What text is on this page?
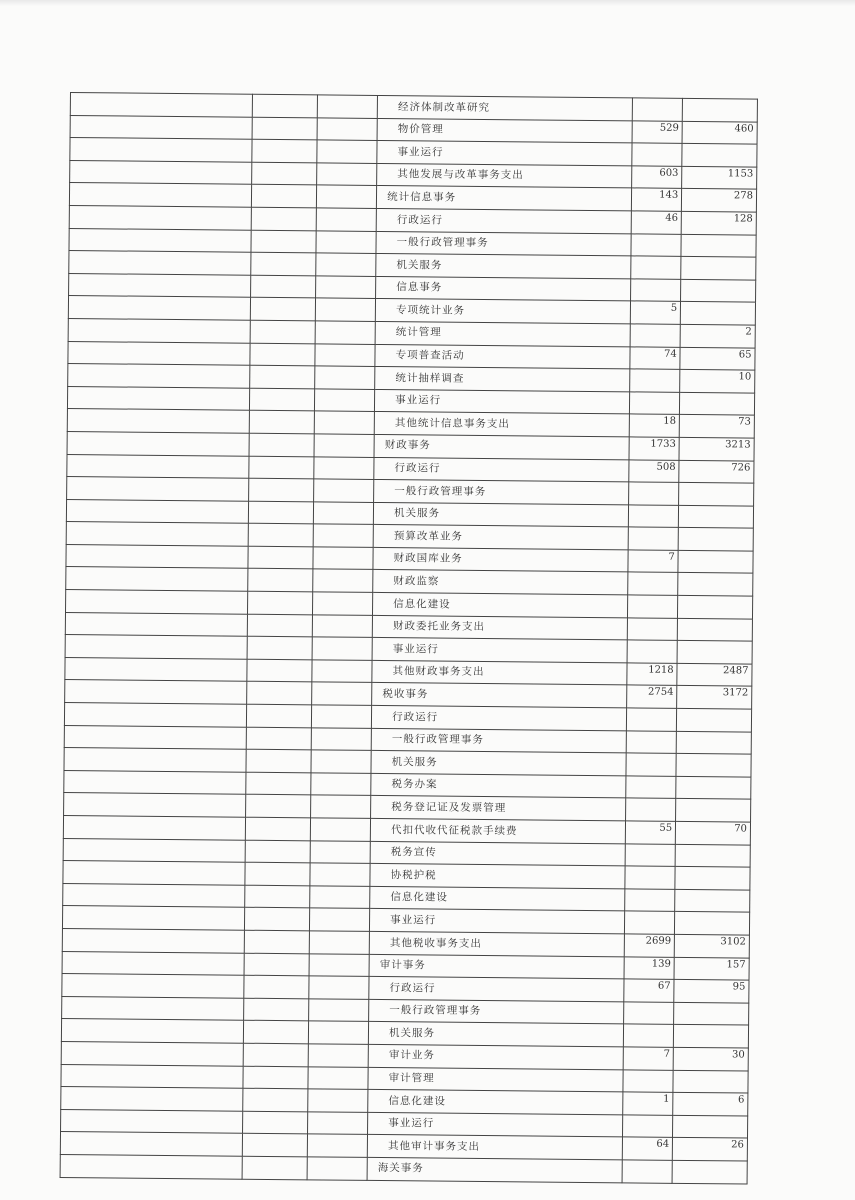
			经济体制改革研究		
			物价管理	529	460
			事业运行		
			其他发展与改革事务支出	603	1153
			统计信息事务	143	278
			行政运行	46	128
			一般行政管理事务		
			机关服务		
			信息事务		
			专项统计业务	5	
			统计管理		2
			专项普查活动	74	65
			统计抽样调查		10
			事业运行		
			其他统计信息事务支出	18	73
			财政事务	1733	3213
			行政运行	508	726
			一般行政管理事务		
			机关服务		
			预算改革业务		
			财政国库业务	7	
			财政监察		
			信息化建设		
			财政委托业务支出		
			事业运行		
			其他财政事务支出	1218	2487
			税收事务	2754	3172
			行政运行		
			一般行政管理事务		
			机关服务		
			税务办案		
			税务登记证及发票管理		
			代扣代收代征税款手续费	55	70
			税务宣传		
			协税护税		
			信息化建设		
			事业运行		
			其他税收事务支出	2699	3102
			审计事务	139	157
			行政运行	67	95
			一般行政管理事务		
			机关服务		
			审计业务	7	30
			审计管理		
			信息化建设	1	6
			事业运行		
			其他审计事务支出	64	26
			海关事务		
